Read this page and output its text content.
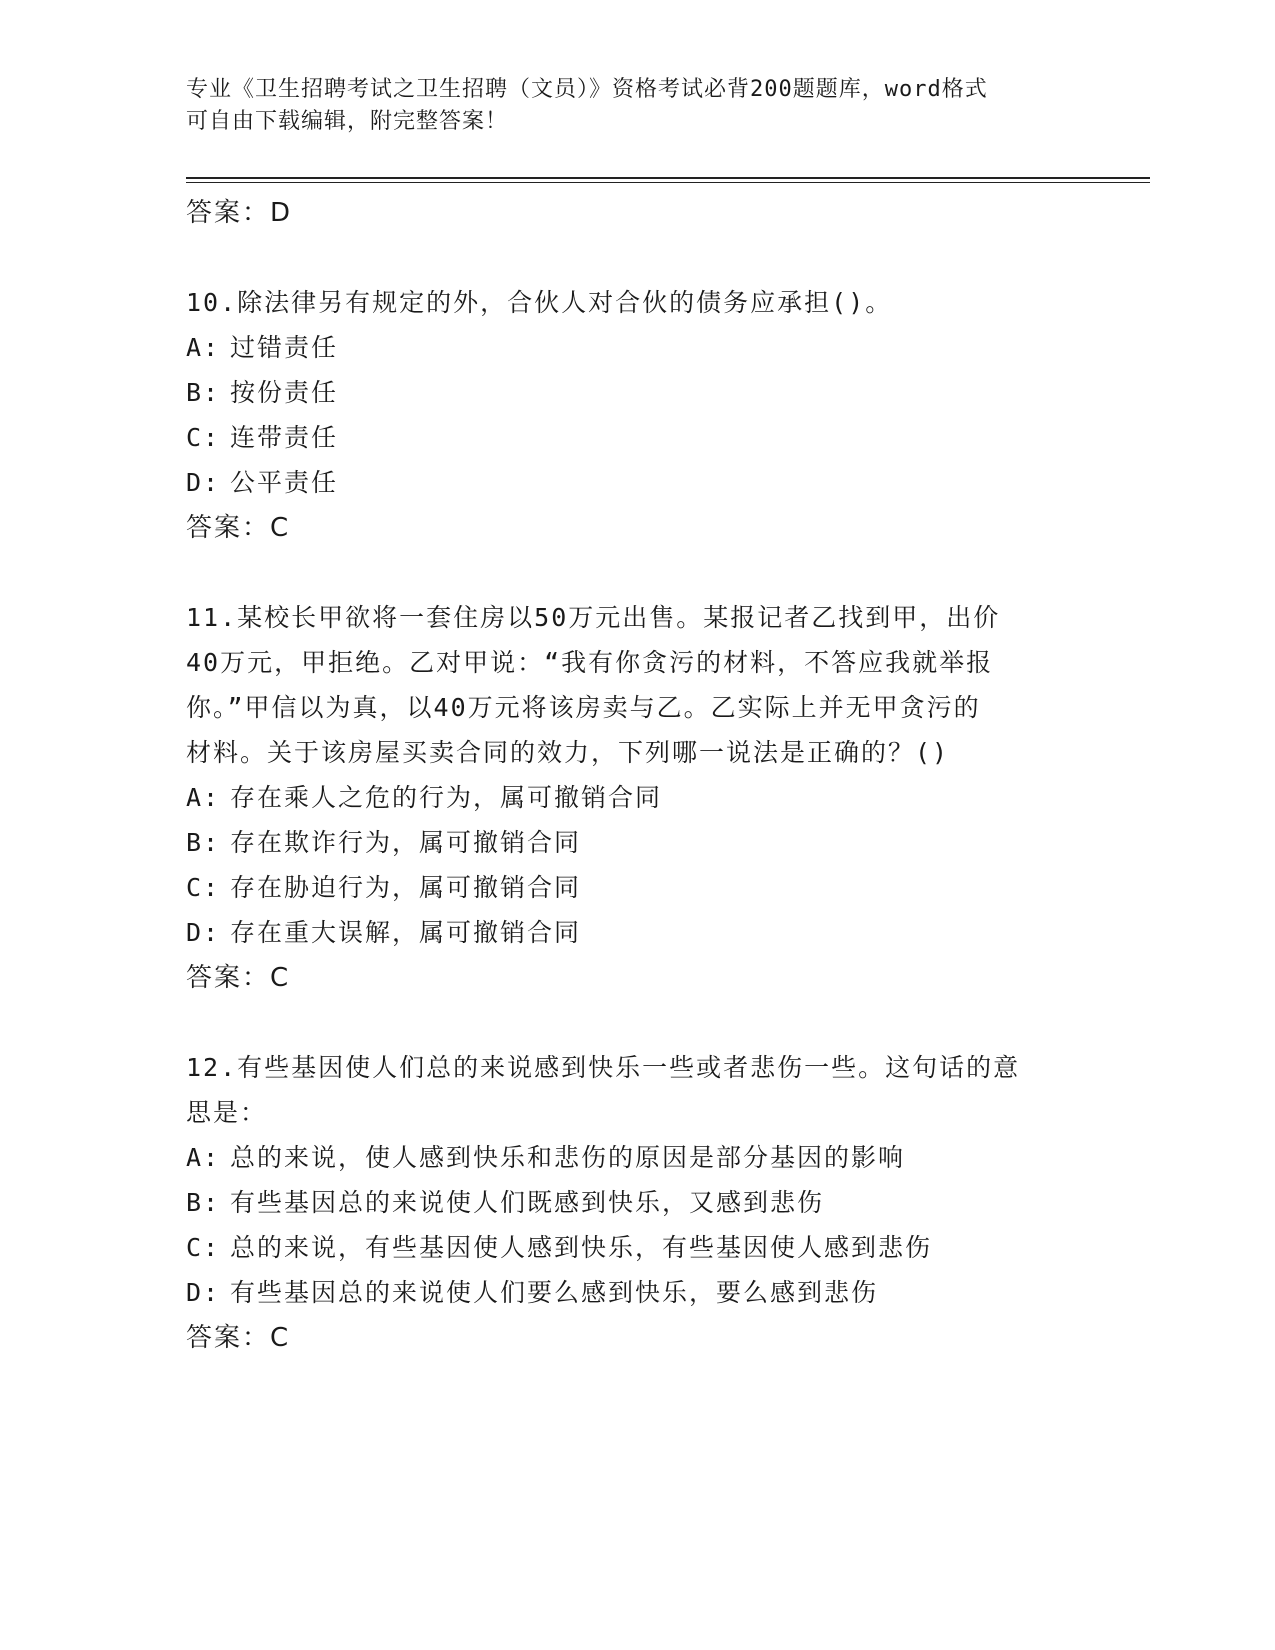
专业《卫生招聘考试之卫生招聘（文员）》资格考试必背200题题库，word格式
可自由下载编辑，附完整答案！
答案：D
10.除法律另有规定的外，合伙人对合伙的债务应承担()。
A: 过错责任
B: 按份责任
C: 连带责任
D: 公平责任
答案：C
11.某校长甲欲将一套住房以50万元出售。某报记者乙找到甲，出价
40万元，甲拒绝。乙对甲说：“我有你贪污的材料，不答应我就举报
你。”甲信以为真，以40万元将该房卖与乙。乙实际上并无甲贪污的
材料。关于该房屋买卖合同的效力，下列哪一说法是正确的？()
A: 存在乘人之危的行为，属可撤销合同
B: 存在欺诈行为，属可撤销合同
C: 存在胁迫行为，属可撤销合同
D: 存在重大误解，属可撤销合同
答案：C
12.有些基因使人们总的来说感到快乐一些或者悲伤一些。这句话的意
思是：
A: 总的来说，使人感到快乐和悲伤的原因是部分基因的影响
B: 有些基因总的来说使人们既感到快乐，又感到悲伤
C: 总的来说，有些基因使人感到快乐，有些基因使人感到悲伤
D: 有些基因总的来说使人们要么感到快乐，要么感到悲伤
答案：C
